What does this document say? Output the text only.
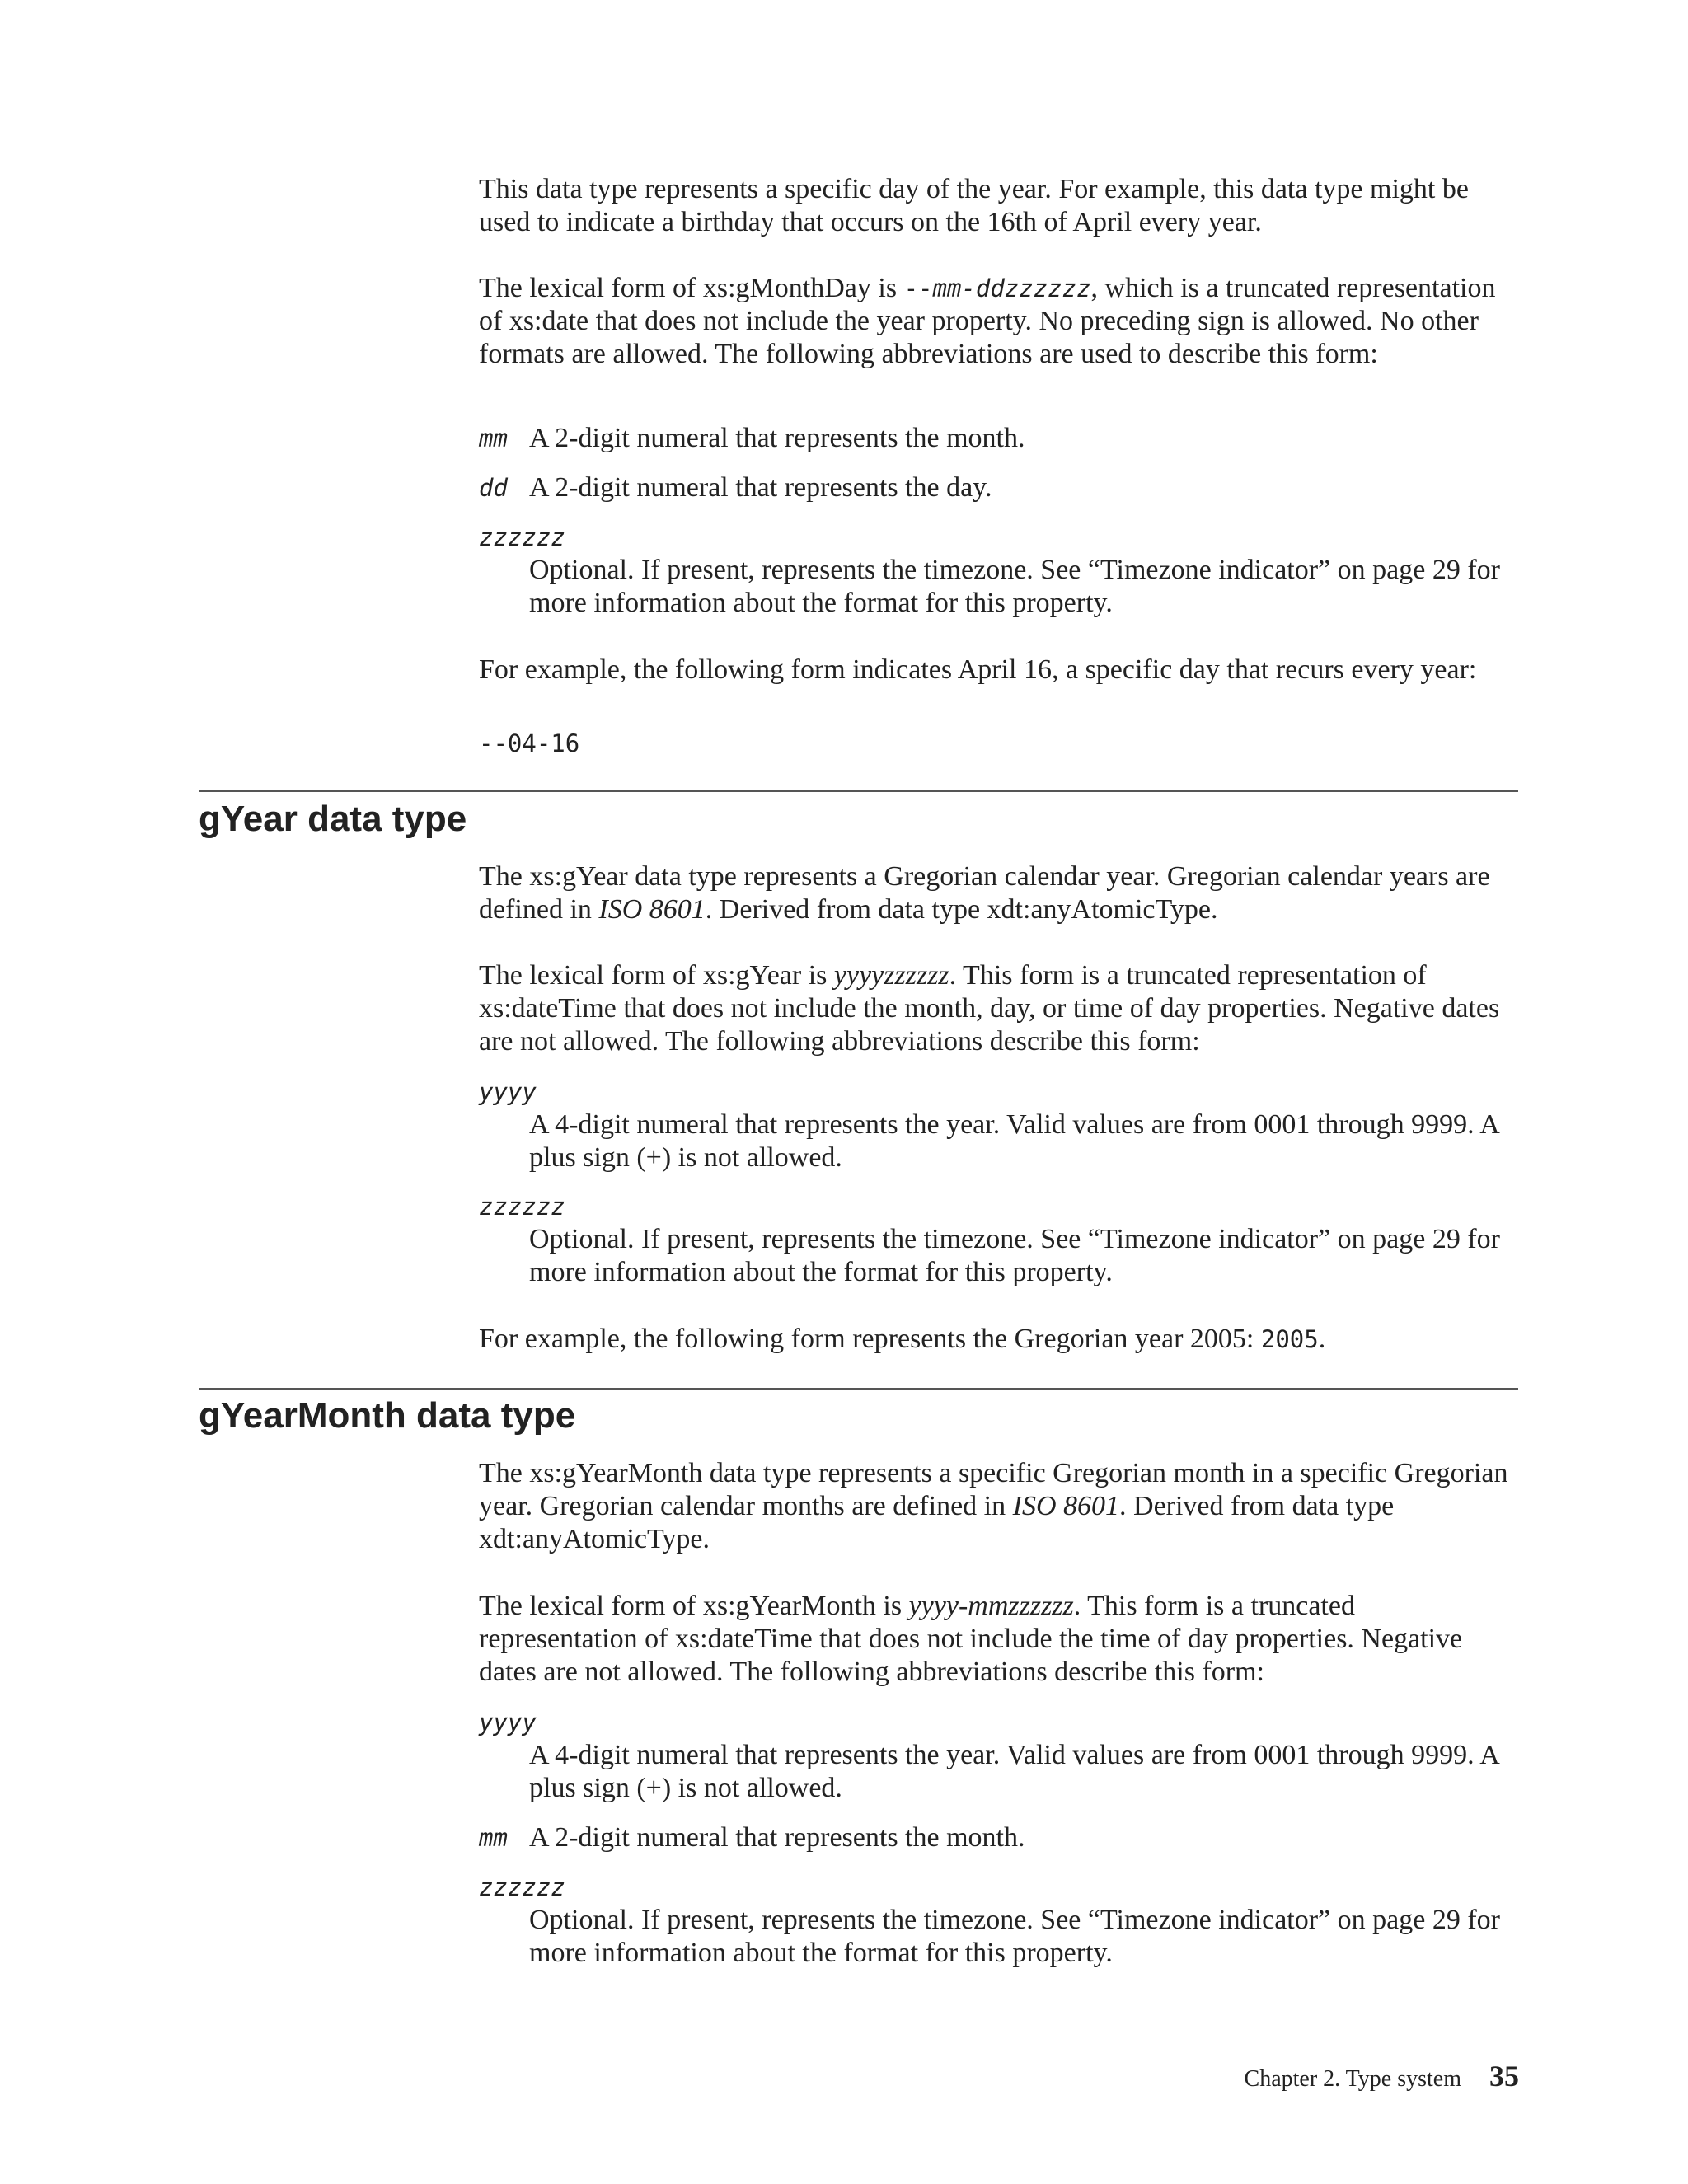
This data type represents a specific day of the year. For example, this data type might be used to indicate a birthday that occurs on the 16th of April every year.

The lexical form of xs:gMonthDay is --mm-ddzzzzzz, which is a truncated representation of xs:date that does not include the year property. No preceding sign is allowed. No other formats are allowed. The following abbreviations are used to describe this form:

mm A 2-digit numeral that represents the month.
dd A 2-digit numeral that represents the day.
zzzzzz
Optional. If present, represents the timezone. See “Timezone indicator” on page 29 for more information about the format for this property.

For example, the following form indicates April 16, a specific day that recurs every year:

--04-16
gYear data type

The xs:gYear data type represents a Gregorian calendar year. Gregorian calendar years are defined in ISO 8601. Derived from data type xdt:anyAtomicType.

The lexical form of xs:gYear is yyyyzzzzzz. This form is a truncated representation of xs:dateTime that does not include the month, day, or time of day properties. Negative dates are not allowed. The following abbreviations describe this form:

yyyy
A 4-digit numeral that represents the year. Valid values are from 0001 through 9999. A plus sign (+) is not allowed.
zzzzzz
Optional. If present, represents the timezone. See “Timezone indicator” on page 29 for more information about the format for this property.

For example, the following form represents the Gregorian year 2005: 2005.

gYearMonth data type

The xs:gYearMonth data type represents a specific Gregorian month in a specific Gregorian year. Gregorian calendar months are defined in ISO 8601. Derived from data type xdt:anyAtomicType.

The lexical form of xs:gYearMonth is yyyy-mmzzzzzz. This form is a truncated representation of xs:dateTime that does not include the time of day properties. Negative dates are not allowed. The following abbreviations describe this form:

yyyy
A 4-digit numeral that represents the year. Valid values are from 0001 through 9999. A plus sign (+) is not allowed.
mm A 2-digit numeral that represents the month.
zzzzzz
Optional. If present, represents the timezone. See “Timezone indicator” on page 29 for more information about the format for this property.
Chapter 2. Type system 35
